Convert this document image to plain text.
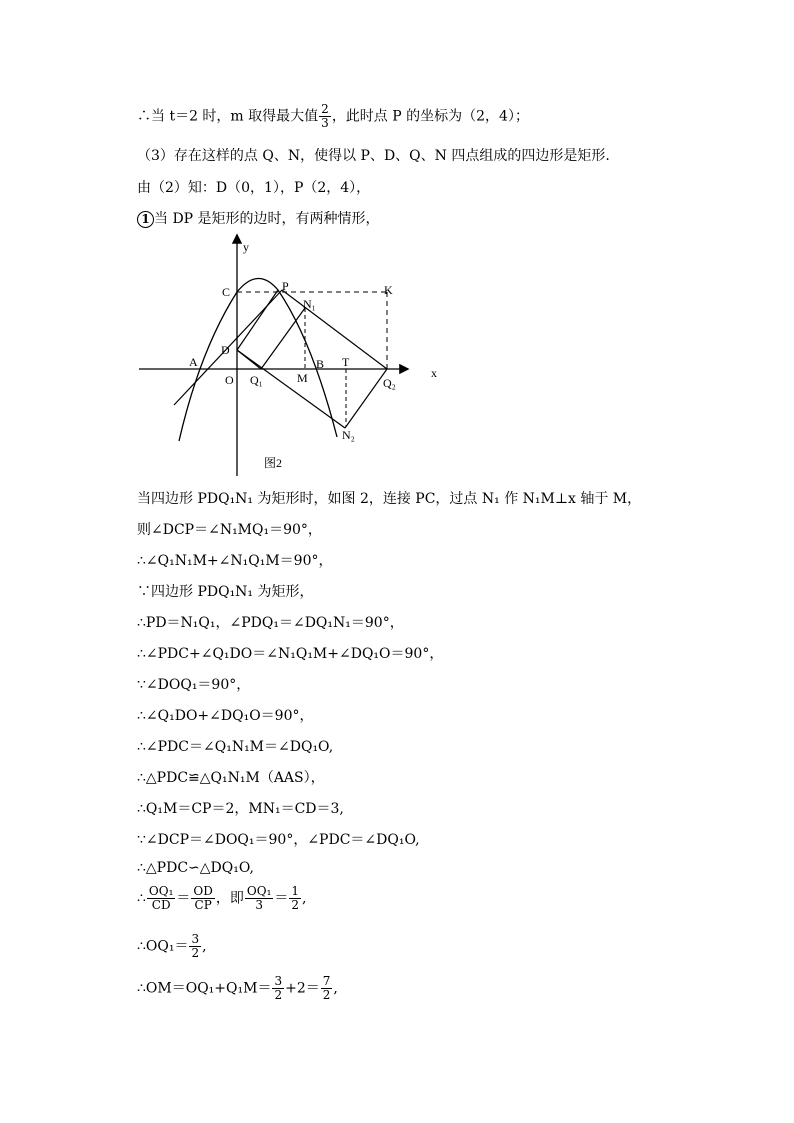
∴当 t＝2 时，m 取得最大值 $\frac{2}{3}$ ，此时点 P 的坐标为（2，4）；
（3）存在这样的点 Q、N，使得以 P、D、Q、N 四点组成的四边形是矩形.
由（2）知：D（0，1），P（2，4），
1 当 DP 是矩形的边时，有两种情形，
y
x
C	P	K
N₁
D
A	B T
O Q₁	M	Q₂
N₂
图2
当四边形 PDQ₁N₁ 为矩形时，如图 2，连接 PC，过点 N₁ 作 N₁M⊥x 轴于 M，
则∠DCP＝∠N₁MQ₁＝90°，
∴∠Q₁N₁M+∠N₁Q₁M＝90°，
∵四边形 PDQ₁N₁ 为矩形，
∴PD＝N₁Q₁，∠PDQ₁＝∠DQ₁N₁＝90°，
∴∠PDC+∠Q₁DO＝∠N₁Q₁M+∠DQ₁O＝90°，
∵∠DOQ₁＝90°，
∴∠Q₁DO+∠DQ₁O＝90°，
∴∠PDC＝∠Q₁N₁M＝∠DQ₁O,
∴△PDC≌△Q₁N₁M（AAS），
∴Q₁M＝CP＝2，MN₁＝CD＝3,
∵∠DCP＝∠DOQ₁＝90°，∠PDC＝∠DQ₁O,
∴△PDC∽△DQ₁O,
∴ $\frac{\text{OQ₁}}{CD} = \frac{OD}{CP}$ ，即 $\frac{\text{OQ₁}}{3} = \frac{1}{2}$ ,
∴OQ₁＝ $\frac{3}{2}$ ,
∴OM＝OQ₁+Q₁M＝ $\frac{3}{2} +2= \frac{7}{2}$ ,
